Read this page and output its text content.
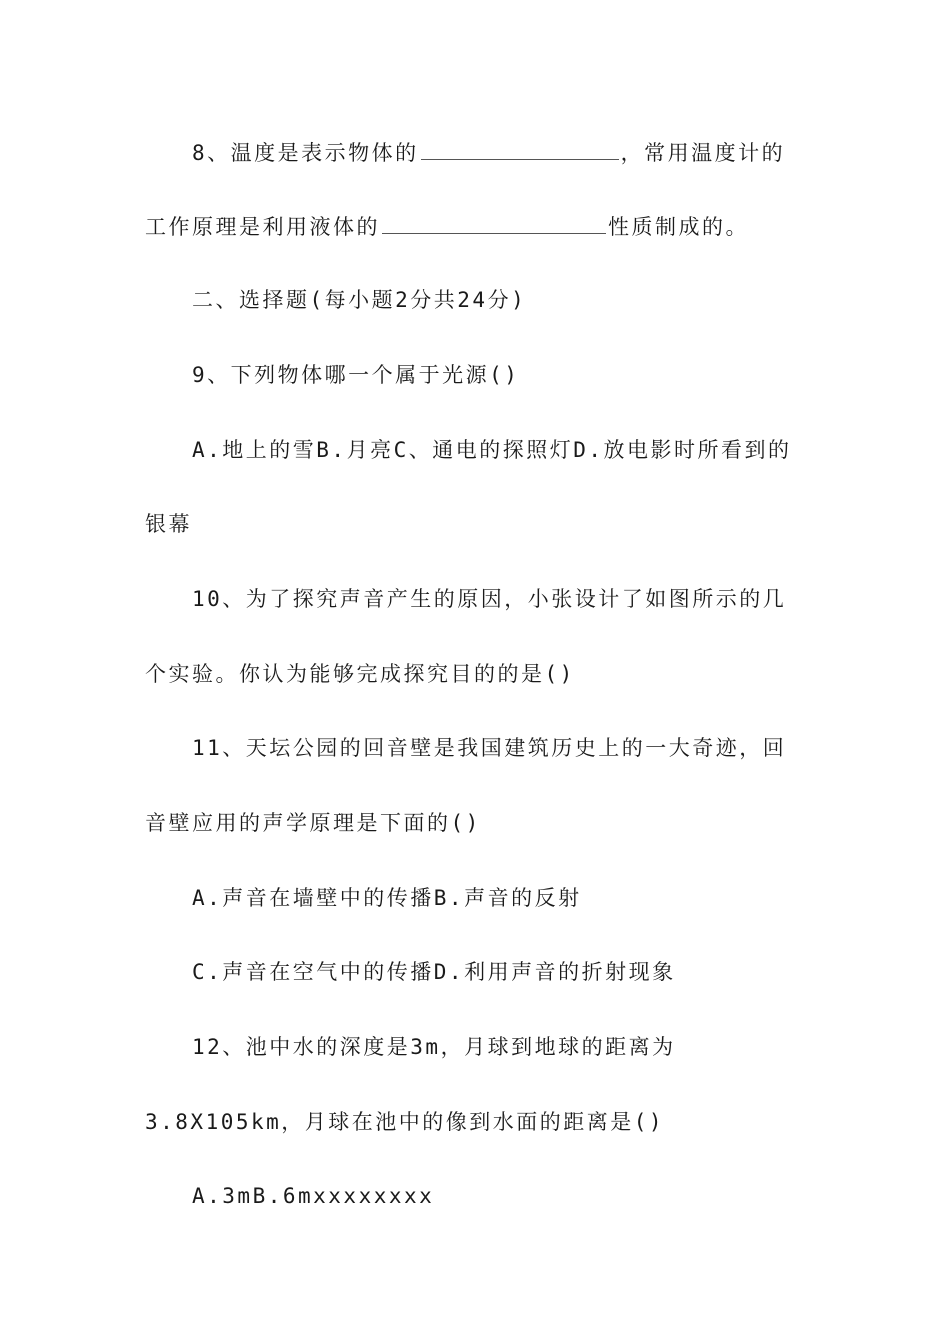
8、温度是表示物体的	，常用温度计的
工作原理是利用液体的	性质制成的。
二、选择题(每小题2分共24分)
9、下列物体哪一个属于光源()
A.地上的雪B.月亮C、通电的探照灯D.放电影时所看到的
银幕
10、为了探究声音产生的原因，小张设计了如图所示的几
个实验。你认为能够完成探究目的的是()
11、天坛公园的回音壁是我国建筑历史上的一大奇迹，回
音壁应用的声学原理是下面的()
A.声音在墙壁中的传播B.声音的反射
C.声音在空气中的传播D.利用声音的折射现象
12、池中水的深度是3m，月球到地球的距离为
3.8X105km，月球在池中的像到水面的距离是()
A.3mB.6mxxxxxxxx
